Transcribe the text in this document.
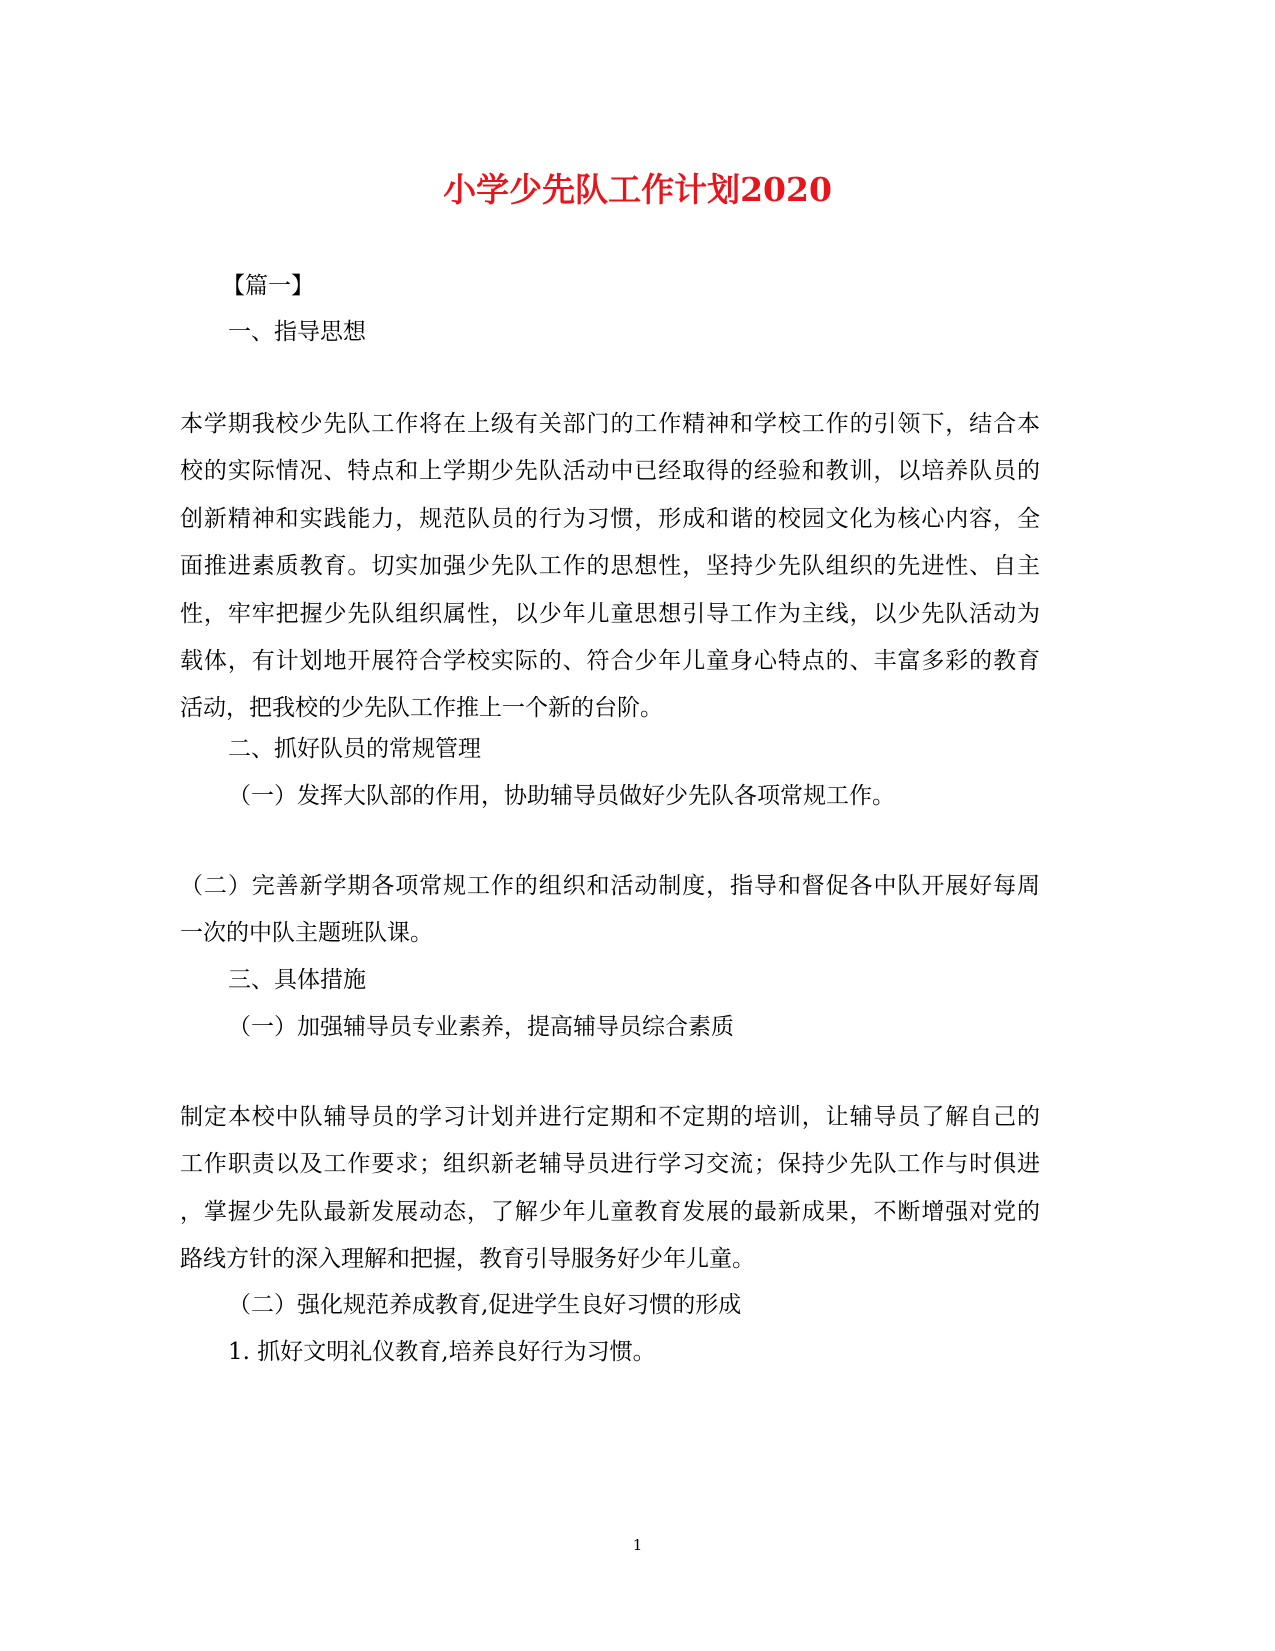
小学少先队工作计划2020
【篇一】
一、指导思想
本学期我校少先队工作将在上级有关部门的工作精神和学校工作的引领下，结合本
校的实际情况、特点和上学期少先队活动中已经取得的经验和教训，以培养队员的
创新精神和实践能力，规范队员的行为习惯，形成和谐的校园文化为核心内容，全
面推进素质教育。切实加强少先队工作的思想性，坚持少先队组织的先进性、自主
性，牢牢把握少先队组织属性，以少年儿童思想引导工作为主线，以少先队活动为
载体，有计划地开展符合学校实际的、符合少年儿童身心特点的、丰富多彩的教育
活动，把我校的少先队工作推上一个新的台阶。
二、抓好队员的常规管理
（一）发挥大队部的作用，协助辅导员做好少先队各项常规工作。
（二）完善新学期各项常规工作的组织和活动制度，指导和督促各中队开展好每周
一次的中队主题班队课。
三、具体措施
（一）加强辅导员专业素养，提高辅导员综合素质
制定本校中队辅导员的学习计划并进行定期和不定期的培训，让辅导员了解自己的
工作职责以及工作要求；组织新老辅导员进行学习交流；保持少先队工作与时俱进
，掌握少先队最新发展动态，了解少年儿童教育发展的最新成果，不断增强对党的
路线方针的深入理解和把握，教育引导服务好少年儿童。
（二）强化规范养成教育,促进学生良好习惯的形成
1. 抓好文明礼仪教育,培养良好行为习惯。
1
